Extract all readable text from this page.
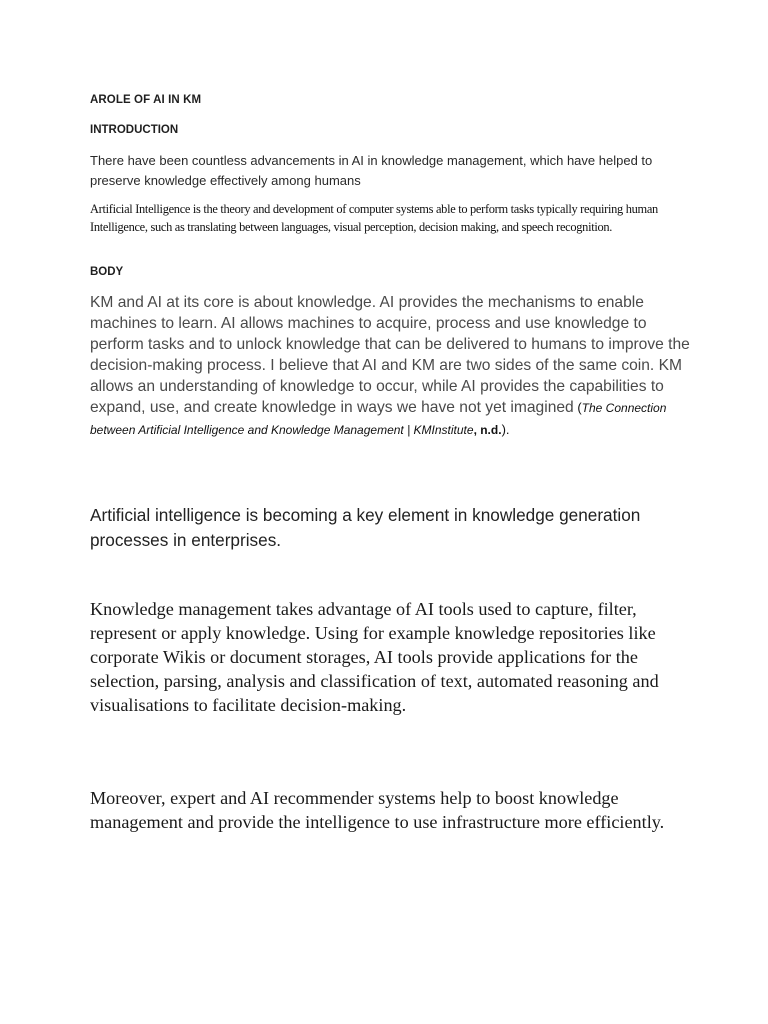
AROLE OF AI IN KM
INTRODUCTION

There have been countless advancements in AI in knowledge management, which have helped to preserve knowledge effectively among humans

Artificial Intelligence is the theory and development of computer systems able to perform tasks typically requiring human Intelligence, such as translating between languages, visual perception, decision making, and speech recognition.

BODY

KM and AI at its core is about knowledge. AI provides the mechanisms to enable machines to learn. AI allows machines to acquire, process and use knowledge to perform tasks and to unlock knowledge that can be delivered to humans to improve the decision-making process. I believe that AI and KM are two sides of the same coin. KM allows an understanding of knowledge to occur, while AI provides the capabilities to expand, use, and create knowledge in ways we have not yet imagined (The Connection between Artificial Intelligence and Knowledge Management | KMInstitute, n.d.).

Artificial intelligence is becoming a key element in knowledge generation processes in enterprises.

Knowledge management takes advantage of AI tools used to capture, filter, represent or apply knowledge. Using for example knowledge repositories like corporate Wikis or document storages, AI tools provide applications for the selection, parsing, analysis and classification of text, automated reasoning and visualisations to facilitate decision-making.

Moreover, expert and AI recommender systems help to boost knowledge management and provide the intelligence to use infrastructure more efficiently.
